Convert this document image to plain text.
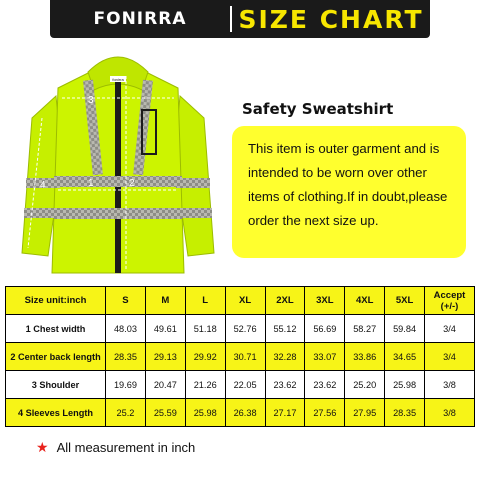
FONIRRA	SIZE CHART
3
1
4	2
fonirra
Safety Sweatshirt
This item is outer garment and is intended to be worn over other items of clothing.If in doubt,please order the next size up.
Size unit:inch	S	M	L	XL	2XL	3XL	4XL	5XL	Accept
(+/-)
1 Chest width	48.03	49.61	51.18	52.76	55.12	56.69	58.27	59.84	3/4
2 Center back length	28.35	29.13	29.92	30.71	32.28	33.07	33.86	34.65	3/4
3 Shoulder	19.69	20.47	21.26	22.05	23.62	23.62	25.20	25.98	3/8
4 Sleeves Length	25.2	25.59	25.98	26.38	27.17	27.56	27.95	28.35	3/8
★ All measurement in inch
